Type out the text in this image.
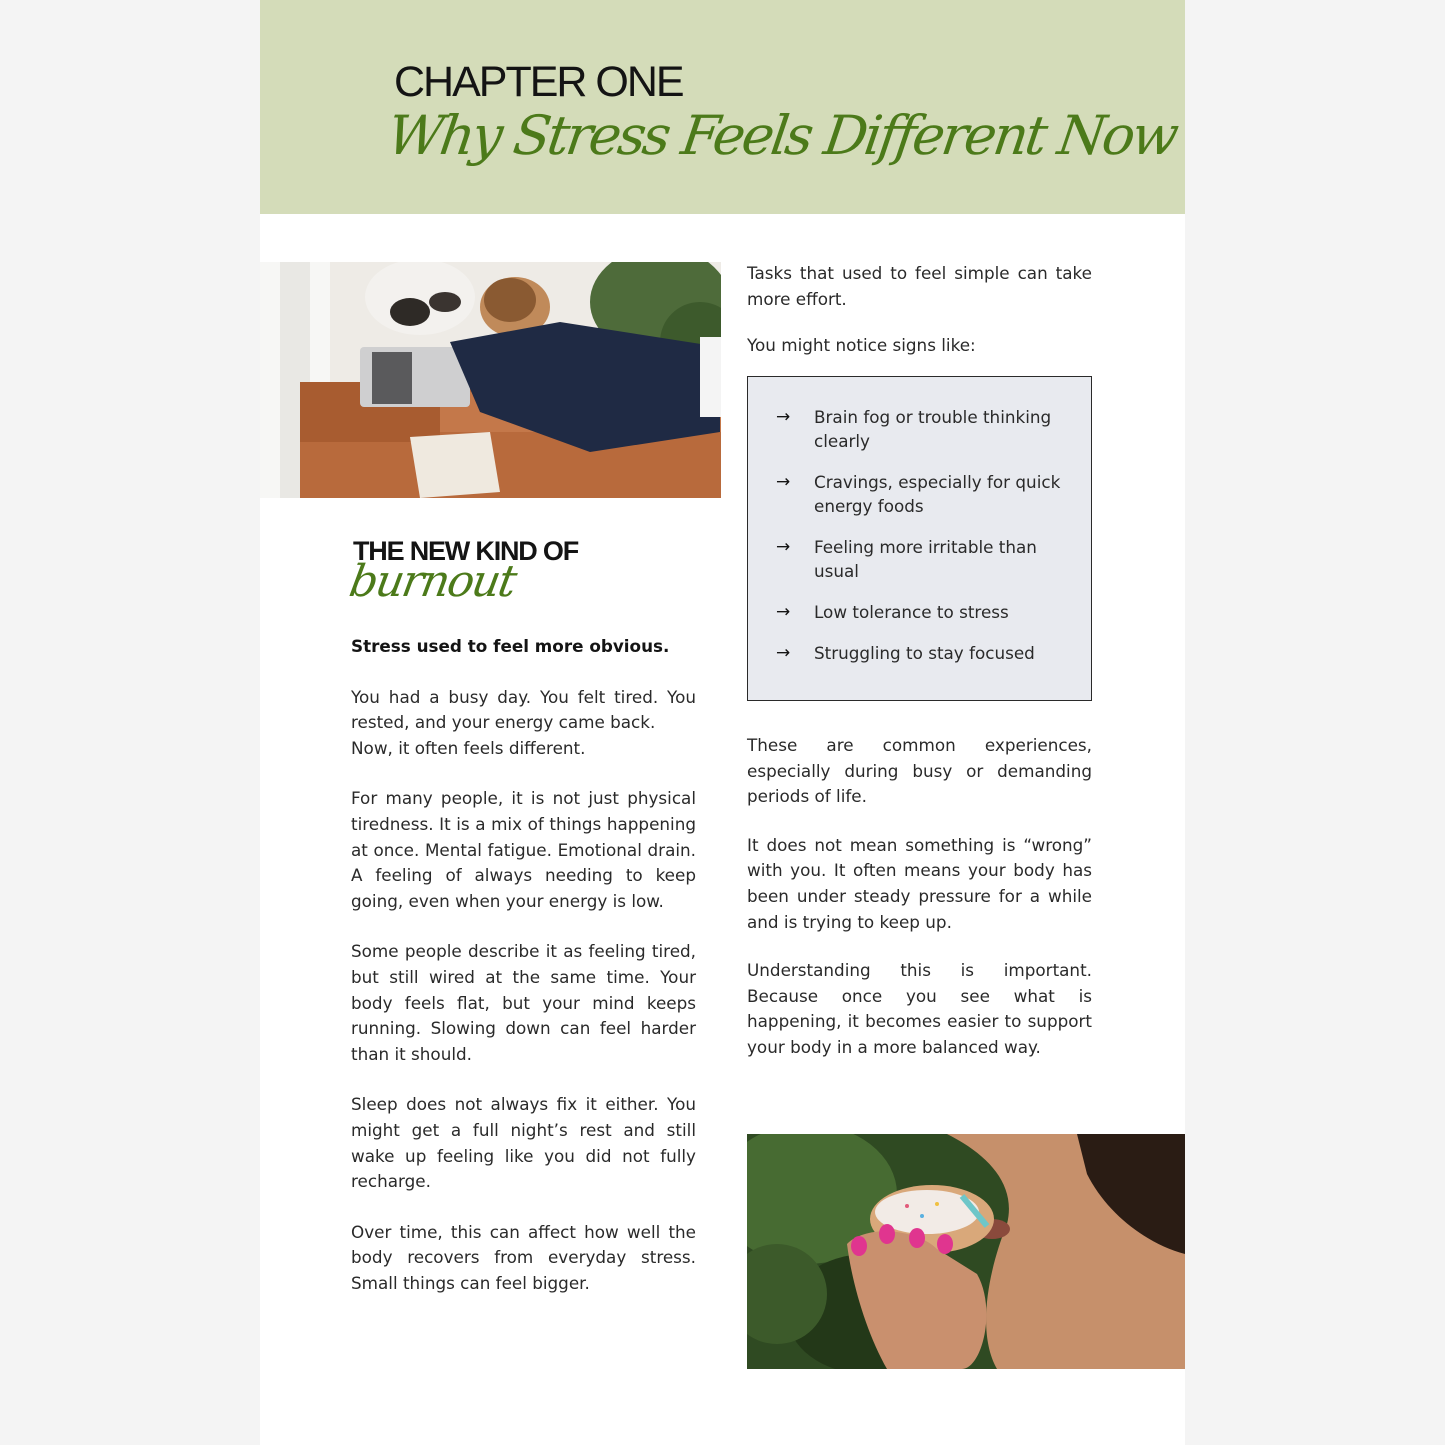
CHAPTER ONE
Why Stress Feels Different Now
THE NEW KIND OF
burnout
Stress used to feel more obvious.
You had a busy day. You felt tired. You rested, and your energy came back.
Now, it often feels different.
For many people, it is not just physical tiredness. It is a mix of things happening at once. Mental fatigue. Emotional drain. A feeling of always needing to keep going, even when your energy is low.
Some people describe it as feeling tired, but still wired at the same time. Your body feels flat, but your mind keeps running. Slowing down can feel harder than it should.
Sleep does not always fix it either. You might get a full night’s rest and still wake up feeling like you did not fully recharge.
Over time, this can affect how well the body recovers from everyday stress. Small things can feel bigger.
Tasks that used to feel simple can take more effort.
You might notice signs like:
→	Brain fog or trouble thinking clearly
→	Cravings, especially for quick energy foods
→	Feeling more irritable than usual
→	Low tolerance to stress
→	Struggling to stay focused
These are common experiences, especially during busy or demanding periods of life.
It does not mean something is “wrong” with you. It often means your body has been under steady pressure for a while and is trying to keep up.
Understanding this is important. Because once you see what is happening, it becomes easier to support your body in a more balanced way.
